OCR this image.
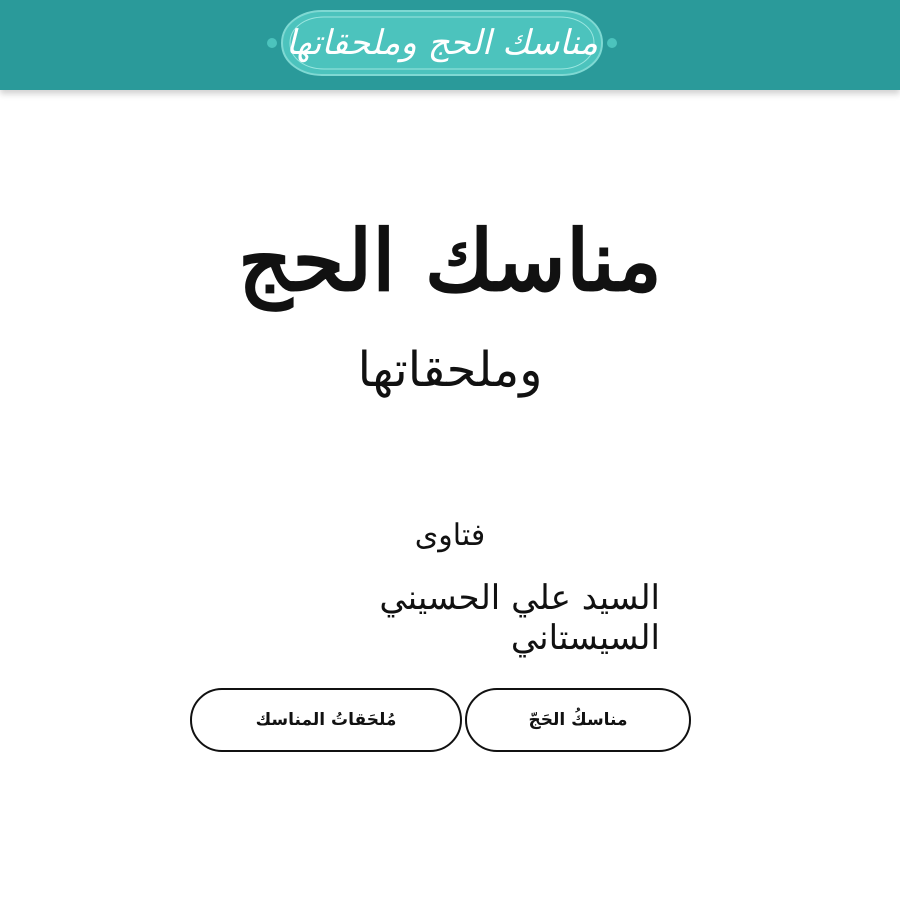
مناسك الحج وملحقاتها
مناسك الحج
وملحقاتها
فتاوى
السيد علي الحسيني السيستاني
مناسكُ الحَجّ
مُلحَقاتُ المناسك
